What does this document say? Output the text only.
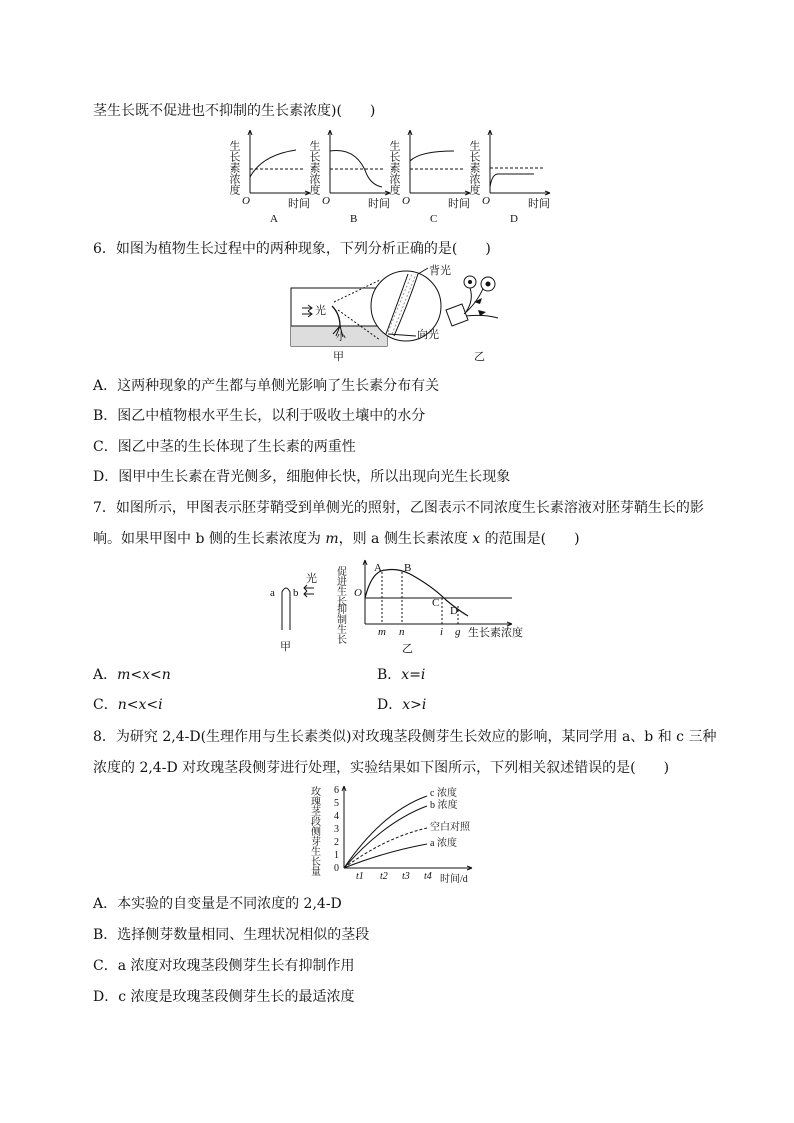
茎生长既不促进也不抑制的生长素浓度)(　　)
生长素浓度
O	时间
A
生长素浓度
O	时间
B
生长素浓度
O	时间
C
生长素浓度
O	时间
D
6．如图为植物生长过程中的两种现象，下列分析正确的是(　　)
光
小
背光
向光
甲	乙
A．这两种现象的产生都与单侧光影响了生长素分布有关
B．图乙中植物根水平生长，以利于吸收土壤中的水分
C．图乙中茎的生长体现了生长素的两重性
D．图甲中生长素在背光侧多，细胞伸长快，所以出现向光生长现象
7．如图所示，甲图表示胚芽鞘受到单侧光的照射，乙图表示不同浓度生长素溶液对胚芽鞘生长的影
响。如果甲图中 b 侧的生长素浓度为 m，则 a 侧生长素浓度 x 的范围是(　　)
a b
光
甲
促进生长
抑制生长
O
A B
C
D
m n	i g 生长素浓度
乙
A．m<x<n	B．x=i
C．n<x<i	D．x>i
8．为研究 2,4-D(生理作用与生长素类似)对玫瑰茎段侧芽生长效应的影响，某同学用 a、b 和 c 三种
浓度的 2,4-D 对玫瑰茎段侧芽进行处理，实验结果如下图所示，下列相关叙述错误的是(　　)
玫瑰茎段侧芽生长量 0
1
2
3
4
5
6
t1 t2 t3 t4 时间/d
c 浓度
b 浓度
空白对照
a 浓度
A．本实验的自变量是不同浓度的 2,4-D
B．选择侧芽数量相同、生理状况相似的茎段
C．a 浓度对玫瑰茎段侧芽生长有抑制作用
D．c 浓度是玫瑰茎段侧芽生长的最适浓度
